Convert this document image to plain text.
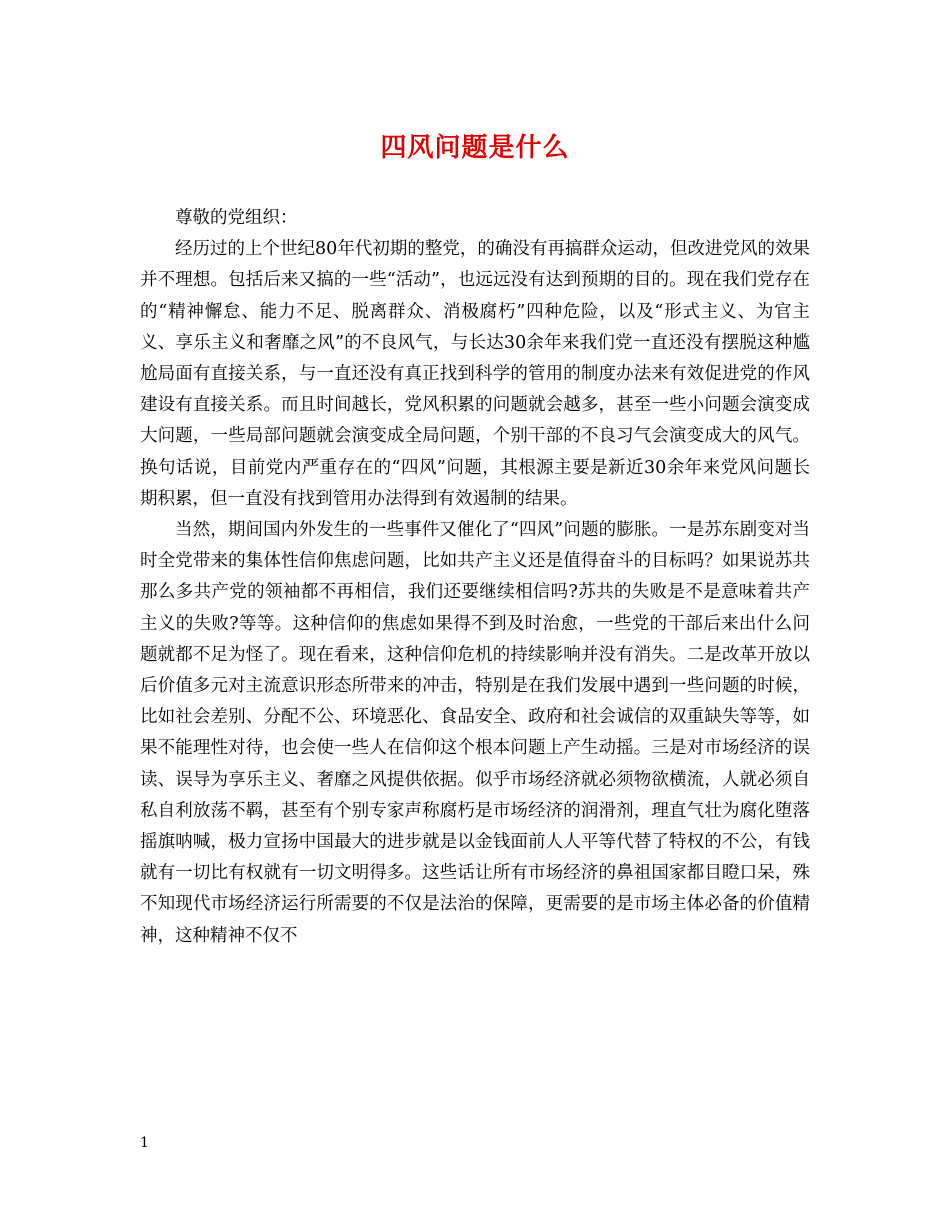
四风问题是什么

尊敬的党组织：

经历过的上个世纪80年代初期的整党，的确没有再搞群众运动，但改进党风的效果并不理想。包括后来又搞的一些“活动”，也远远没有达到预期的目的。现在我们党存在的“精神懈怠、能力不足、脱离群众、消极腐朽”四种危险，以及“形式主义、为官主义、享乐主义和奢靡之风”的不良风气，与长达30余年来我们党一直还没有摆脱这种尴尬局面有直接关系，与一直还没有真正找到科学的管用的制度办法来有效促进党的作风建设有直接关系。而且时间越长，党风积累的问题就会越多，甚至一些小问题会演变成大问题，一些局部问题就会演变成全局问题，个别干部的不良习气会演变成大的风气。换句话说，目前党内严重存在的“四风”问题，其根源主要是新近30余年来党风问题长期积累，但一直没有找到管用办法得到有效遏制的结果。

当然，期间国内外发生的一些事件又催化了“四风”问题的膨胀。一是苏东剧变对当时全党带来的集体性信仰焦虑问题，比如共产主义还是值得奋斗的目标吗？如果说苏共那么多共产党的领袖都不再相信，我们还要继续相信吗?苏共的失败是不是意味着共产主义的失败?等等。这种信仰的焦虑如果得不到及时治愈，一些党的干部后来出什么问题就都不足为怪了。现在看来，这种信仰危机的持续影响并没有消失。二是改革开放以后价值多元对主流意识形态所带来的冲击，特别是在我们发展中遇到一些问题的时候，比如社会差别、分配不公、环境恶化、食品安全、政府和社会诚信的双重缺失等等，如果不能理性对待，也会使一些人在信仰这个根本问题上产生动摇。三是对市场经济的误读、误导为享乐主义、奢靡之风提供依据。似乎市场经济就必须物欲横流，人就必须自私自利放荡不羁，甚至有个别专家声称腐朽是市场经济的润滑剂，理直气壮为腐化堕落摇旗呐喊，极力宣扬中国最大的进步就是以金钱面前人人平等代替了特权的不公，有钱就有一切比有权就有一切文明得多。这些话让所有市场经济的鼻祖国家都目瞪口呆，殊不知现代市场经济运行所需要的不仅是法治的保障，更需要的是市场主体必备的价值精神，这种精神不仅不

1
